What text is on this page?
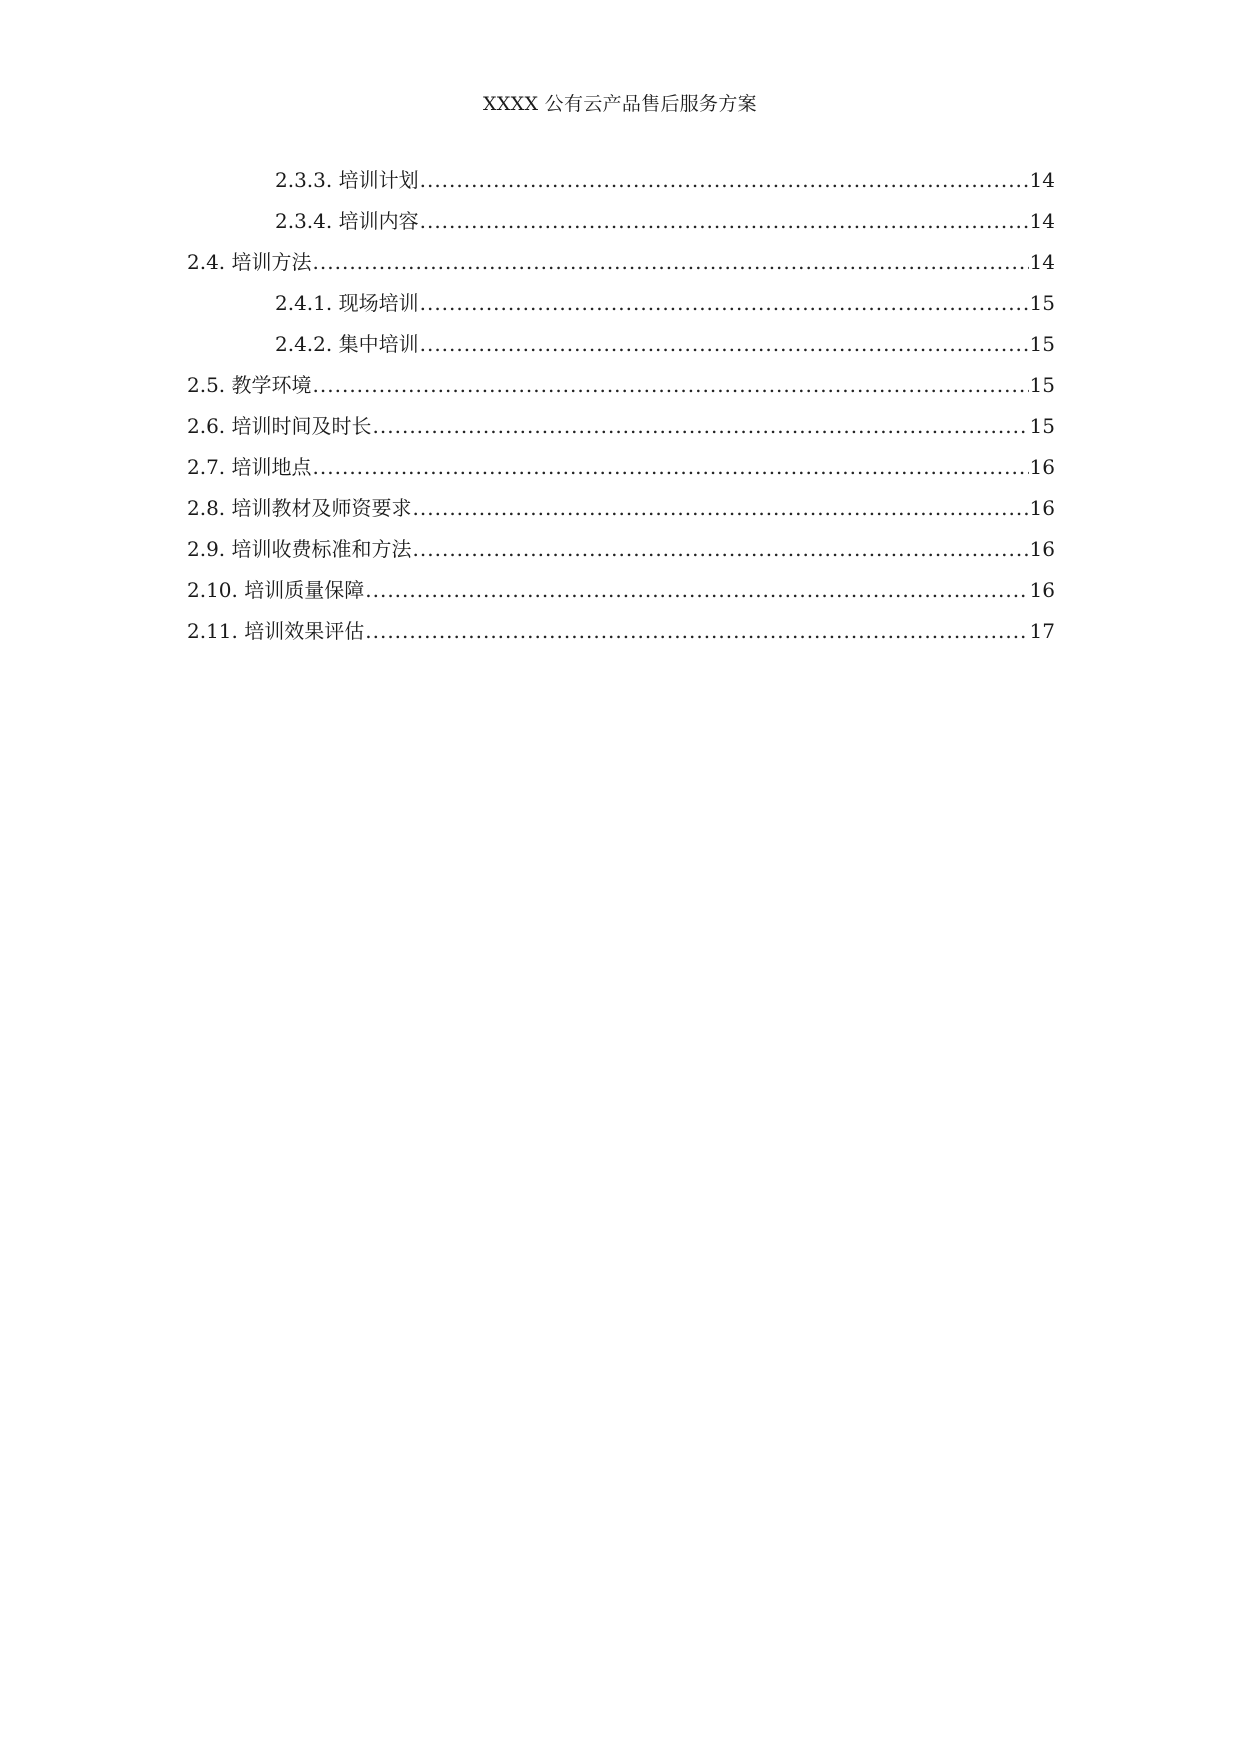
XXXX 公有云产品售后服务方案
2.3.3. 培训计划 .....	14
2.3.4. 培训内容 .....	14
2.4. 培训方法 .....	14
2.4.1. 现场培训 .....	15
2.4.2. 集中培训 .....	15
2.5. 教学环境 .....	15
2.6. 培训时间及时长 .....	15
2.7. 培训地点 .....	16
2.8. 培训教材及师资要求 .....	16
2.9. 培训收费标准和方法 .....	16
2.10. 培训质量保障 .....	16
2.11. 培训效果评估 .....	17
